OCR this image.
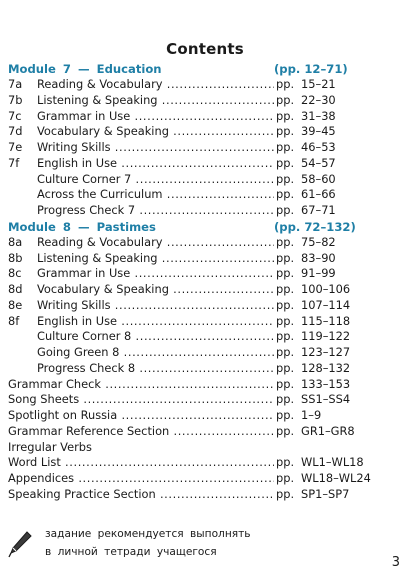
Contents
Module 7 — Education	(pp. 12–71)
7a Reading & Vocabulary .....	pp. 15–21
7b Listening & Speaking .....	pp. 22–30
7c Grammar in Use .....	pp. 31–38
7d Vocabulary & Speaking .....	pp. 39–45
7e Writing Skills .....	pp. 46–53
7f English in Use .....	pp. 54–57
Culture Corner 7 .....	pp. 58–60
Across the Curriculum .....	pp. 61–66
Progress Check 7 .....	pp. 67–71
Module 8 — Pastimes	(pp. 72–132)
8a Reading & Vocabulary .....	pp. 75–82
8b Listening & Speaking .....	pp. 83–90
8c Grammar in Use .....	pp. 91–99
8d Vocabulary & Speaking .....	pp. 100–106
8e Writing Skills .....	pp. 107–114
8f English in Use .....	pp. 115–118
Culture Corner 8 .....	pp. 119–122
Going Green 8 .....	pp. 123–127
Progress Check 8 .....	pp. 128–132
Grammar Check .....	pp. 133–153
Song Sheets .....	pp. SS1–SS4
Spotlight on Russia .....	pp. 1–9
Grammar Reference Section .....	pp. GR1–GR8
Irregular Verbs
Word List .....	pp. WL1–WL18
Appendices .....	pp. WL18–WL24
Speaking Practice Section .....	pp. SP1–SP7
задание рекомендуется выполнять
в личной тетради учащегося
3
